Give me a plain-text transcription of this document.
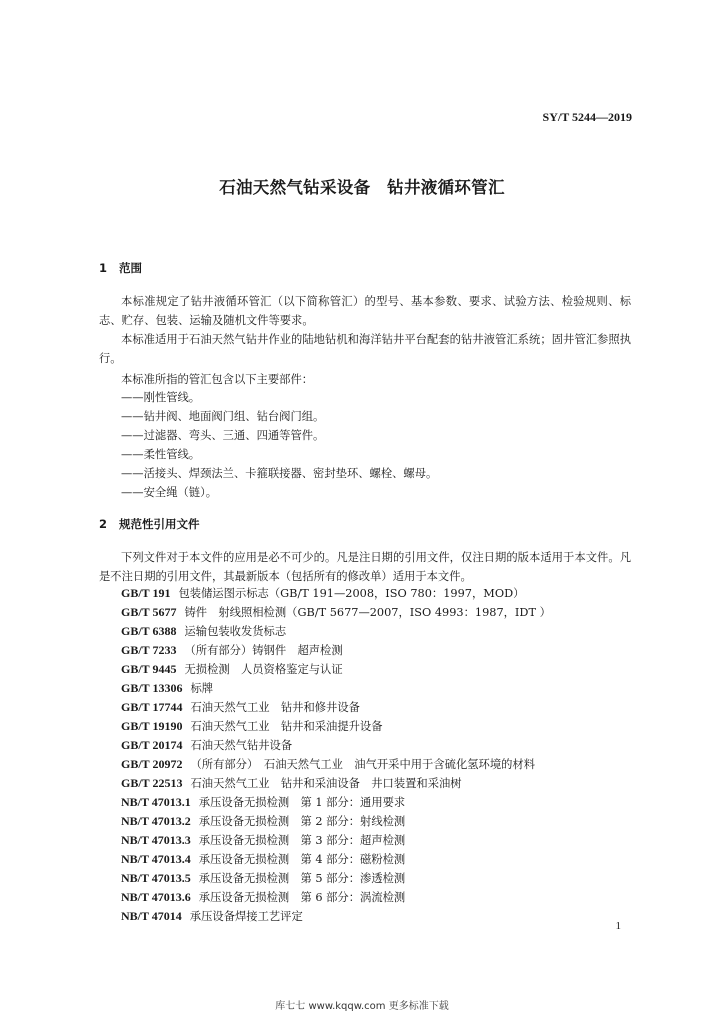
SY/T 5244—2019
石油天然气钻采设备　钻井液循环管汇
1 范围
本标准规定了钻井液循环管汇（以下简称管汇）的型号、基本参数、要求、试验方法、检验规则、标志、贮存、包装、运输及随机文件等要求。
本标准适用于石油天然气钻井作业的陆地钻机和海洋钻井平台配套的钻井液管汇系统；固井管汇参照执行。
本标准所指的管汇包含以下主要部件：
——刚性管线。
——钻井阀、地面阀门组、钻台阀门组。
——过滤器、弯头、三通、四通等管件。
——柔性管线。
——活接头、焊颈法兰、卡箍联接器、密封垫环、螺栓、螺母。
——安全绳（链）。
2 规范性引用文件
下列文件对于本文件的应用是必不可少的。凡是注日期的引用文件，仅注日期的版本适用于本文件。凡是不注日期的引用文件，其最新版本（包括所有的修改单）适用于本文件。
GB/T 191 包装储运图示标志（GB/T 191—2008，ISO 780：1997，MOD）
GB/T 5677 铸件　射线照相检测（GB/T 5677—2007，ISO 4993：1987，IDT ）
GB/T 6388 运输包装收发货标志
GB/T 7233 （所有部分）铸钢件　超声检测
GB/T 9445 无损检测　人员资格鉴定与认证
GB/T 13306 标牌
GB/T 17744 石油天然气工业　钻井和修井设备
GB/T 19190 石油天然气工业　钻井和采油提升设备
GB/T 20174 石油天然气钻井设备
GB/T 20972 （所有部分）　石油天然气工业　油气开采中用于含硫化氢环境的材料
GB/T 22513 石油天然气工业　钻井和采油设备　井口装置和采油树
NB/T 47013.1 承压设备无损检测　第 1 部分：通用要求
NB/T 47013.2 承压设备无损检测　第 2 部分：射线检测
NB/T 47013.3 承压设备无损检测　第 3 部分：超声检测
NB/T 47013.4 承压设备无损检测　第 4 部分：磁粉检测
NB/T 47013.5 承压设备无损检测　第 5 部分：渗透检测
NB/T 47013.6 承压设备无损检测　第 6 部分：涡流检测
NB/T 47014 承压设备焊接工艺评定
1
库七七 www.kqqw.com 更多标准下载
